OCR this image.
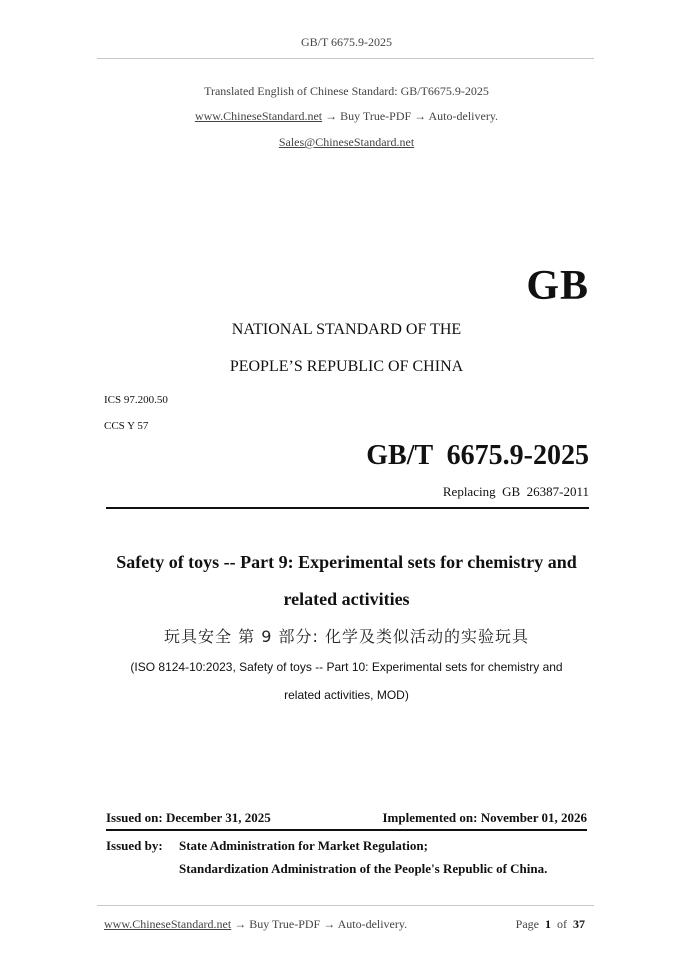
GB/T 6675.9-2025
Translated English of Chinese Standard: GB/T6675.9-2025
www.ChineseStandard.net → Buy True-PDF → Auto-delivery.
Sales@ChineseStandard.net
GB
NATIONAL STANDARD OF THE
PEOPLE’S REPUBLIC OF CHINA
ICS 97.200.50
CCS Y 57
GB/T  6675.9-2025
Replacing  GB  26387-2011
Safety of toys -- Part 9: Experimental sets for chemistry and
related activities
玩具安全 第 9 部分: 化学及类似活动的实验玩具
(ISO 8124-10:2023, Safety of toys -- Part 10: Experimental sets for chemistry and
related activities, MOD)
Issued on: December 31, 2025	Implemented on: November 01, 2026
Issued by: State Administration for Market Regulation;
Standardization Administration of the People's Republic of China.
www.ChineseStandard.net → Buy True-PDF → Auto-delivery.	Page 1 of 37
